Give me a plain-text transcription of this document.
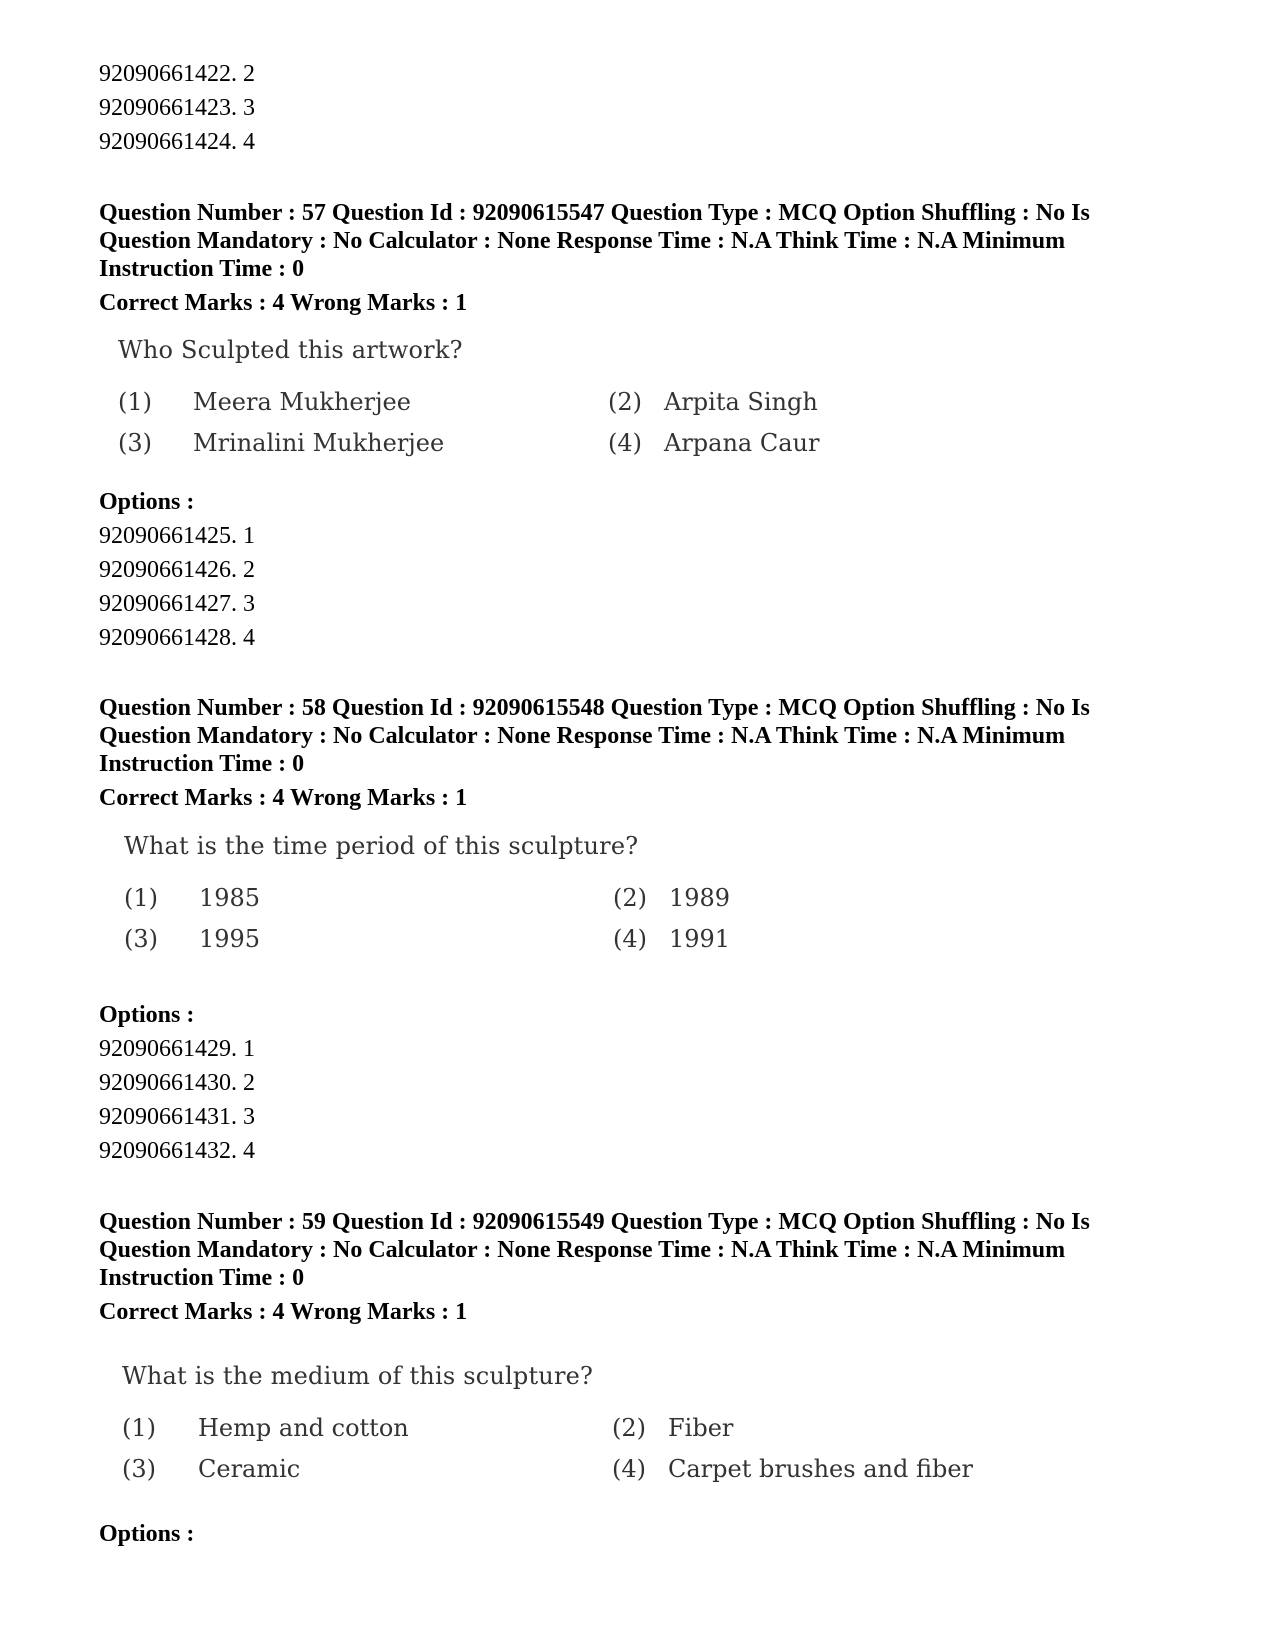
92090661422. 2
92090661423. 3
92090661424. 4
Question Number : 57 Question Id : 92090615547 Question Type : MCQ Option Shuffling : No Is
Question Mandatory : No Calculator : None Response Time : N.A Think Time : N.A Minimum
Instruction Time : 0
Correct Marks : 4 Wrong Marks : 1
Who Sculpted this artwork?
(1) Meera Mukherjee	(2) Arpita Singh
(3) Mrinalini Mukherjee	(4) Arpana Caur
Options :
92090661425. 1
92090661426. 2
92090661427. 3
92090661428. 4
Question Number : 58 Question Id : 92090615548 Question Type : MCQ Option Shuffling : No Is
Question Mandatory : No Calculator : None Response Time : N.A Think Time : N.A Minimum
Instruction Time : 0
Correct Marks : 4 Wrong Marks : 1
What is the time period of this sculpture?
(1) 1985	(2) 1989
(3) 1995	(4) 1991
Options :
92090661429. 1
92090661430. 2
92090661431. 3
92090661432. 4
Question Number : 59 Question Id : 92090615549 Question Type : MCQ Option Shuffling : No Is
Question Mandatory : No Calculator : None Response Time : N.A Think Time : N.A Minimum
Instruction Time : 0
Correct Marks : 4 Wrong Marks : 1
What is the medium of this sculpture?
(1) Hemp and cotton	(2) Fiber
(3) Ceramic	(4) Carpet brushes and fiber
Options :
